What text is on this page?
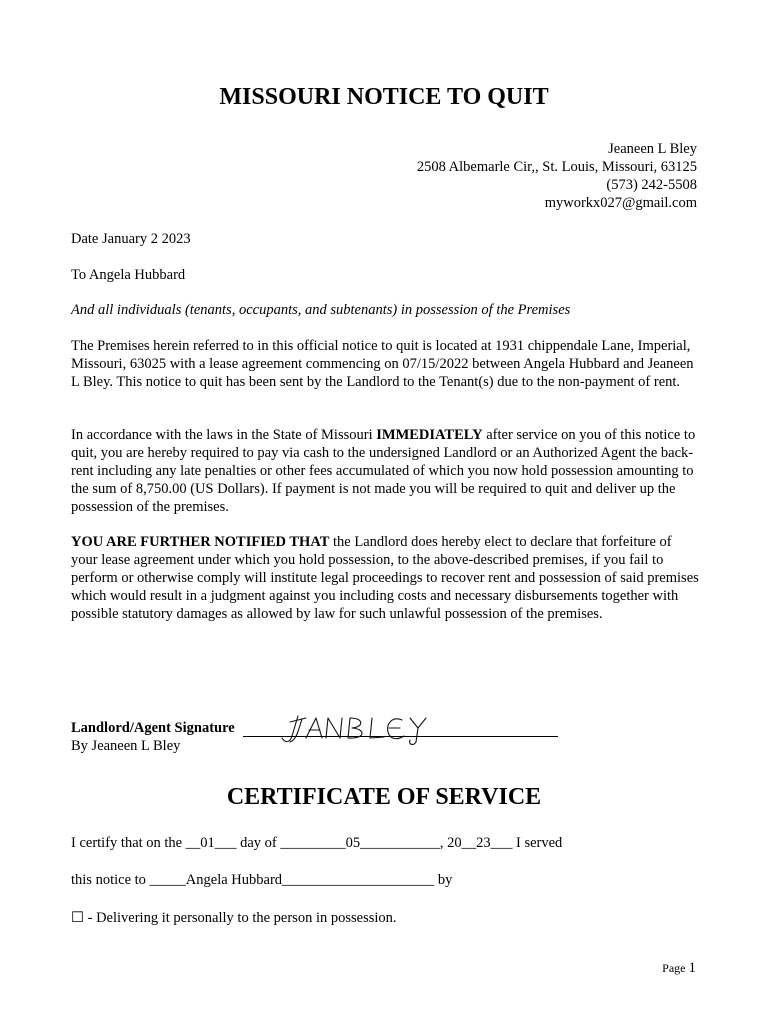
MISSOURI NOTICE TO QUIT
Jeaneen L Bley
2508 Albemarle Cir,, St. Louis, Missouri, 63125
(573) 242-5508
myworkx027@gmail.com
Date January 2 2023
To Angela Hubbard
And all individuals (tenants, occupants, and subtenants) in possession of the Premises
The Premises herein referred to in this official notice to quit is located at 1931 chippendale Lane, Imperial, Missouri, 63025 with a lease agreement commencing on 07/15/2022 between Angela Hubbard and Jeaneen L Bley. This notice to quit has been sent by the Landlord to the Tenant(s) due to the non-payment of rent.
In accordance with the laws in the State of Missouri IMMEDIATELY after service on you of this notice to quit, you are hereby required to pay via cash to the undersigned Landlord or an Authorized Agent the back-rent including any late penalties or other fees accumulated of which you now hold possession amounting to the sum of 8,750.00 (US Dollars). If payment is not made you will be required to quit and deliver up the possession of the premises.
YOU ARE FURTHER NOTIFIED THAT the Landlord does hereby elect to declare that forfeiture of your lease agreement under which you hold possession, to the above-described premises, if you fail to perform or otherwise comply will institute legal proceedings to recover rent and possession of said premises which would result in a judgment against you including costs and necessary disbursements together with possible statutory damages as allowed by law for such unlawful possession of the premises.
Landlord/Agent Signature
By Jeaneen L Bley
CERTIFICATE OF SERVICE
I certify that on the __01___ day of _________05___________, 20__23___ I served
this notice to _____Angela Hubbard_____________________ by
☐ - Delivering it personally to the person in possession.
Page 1
